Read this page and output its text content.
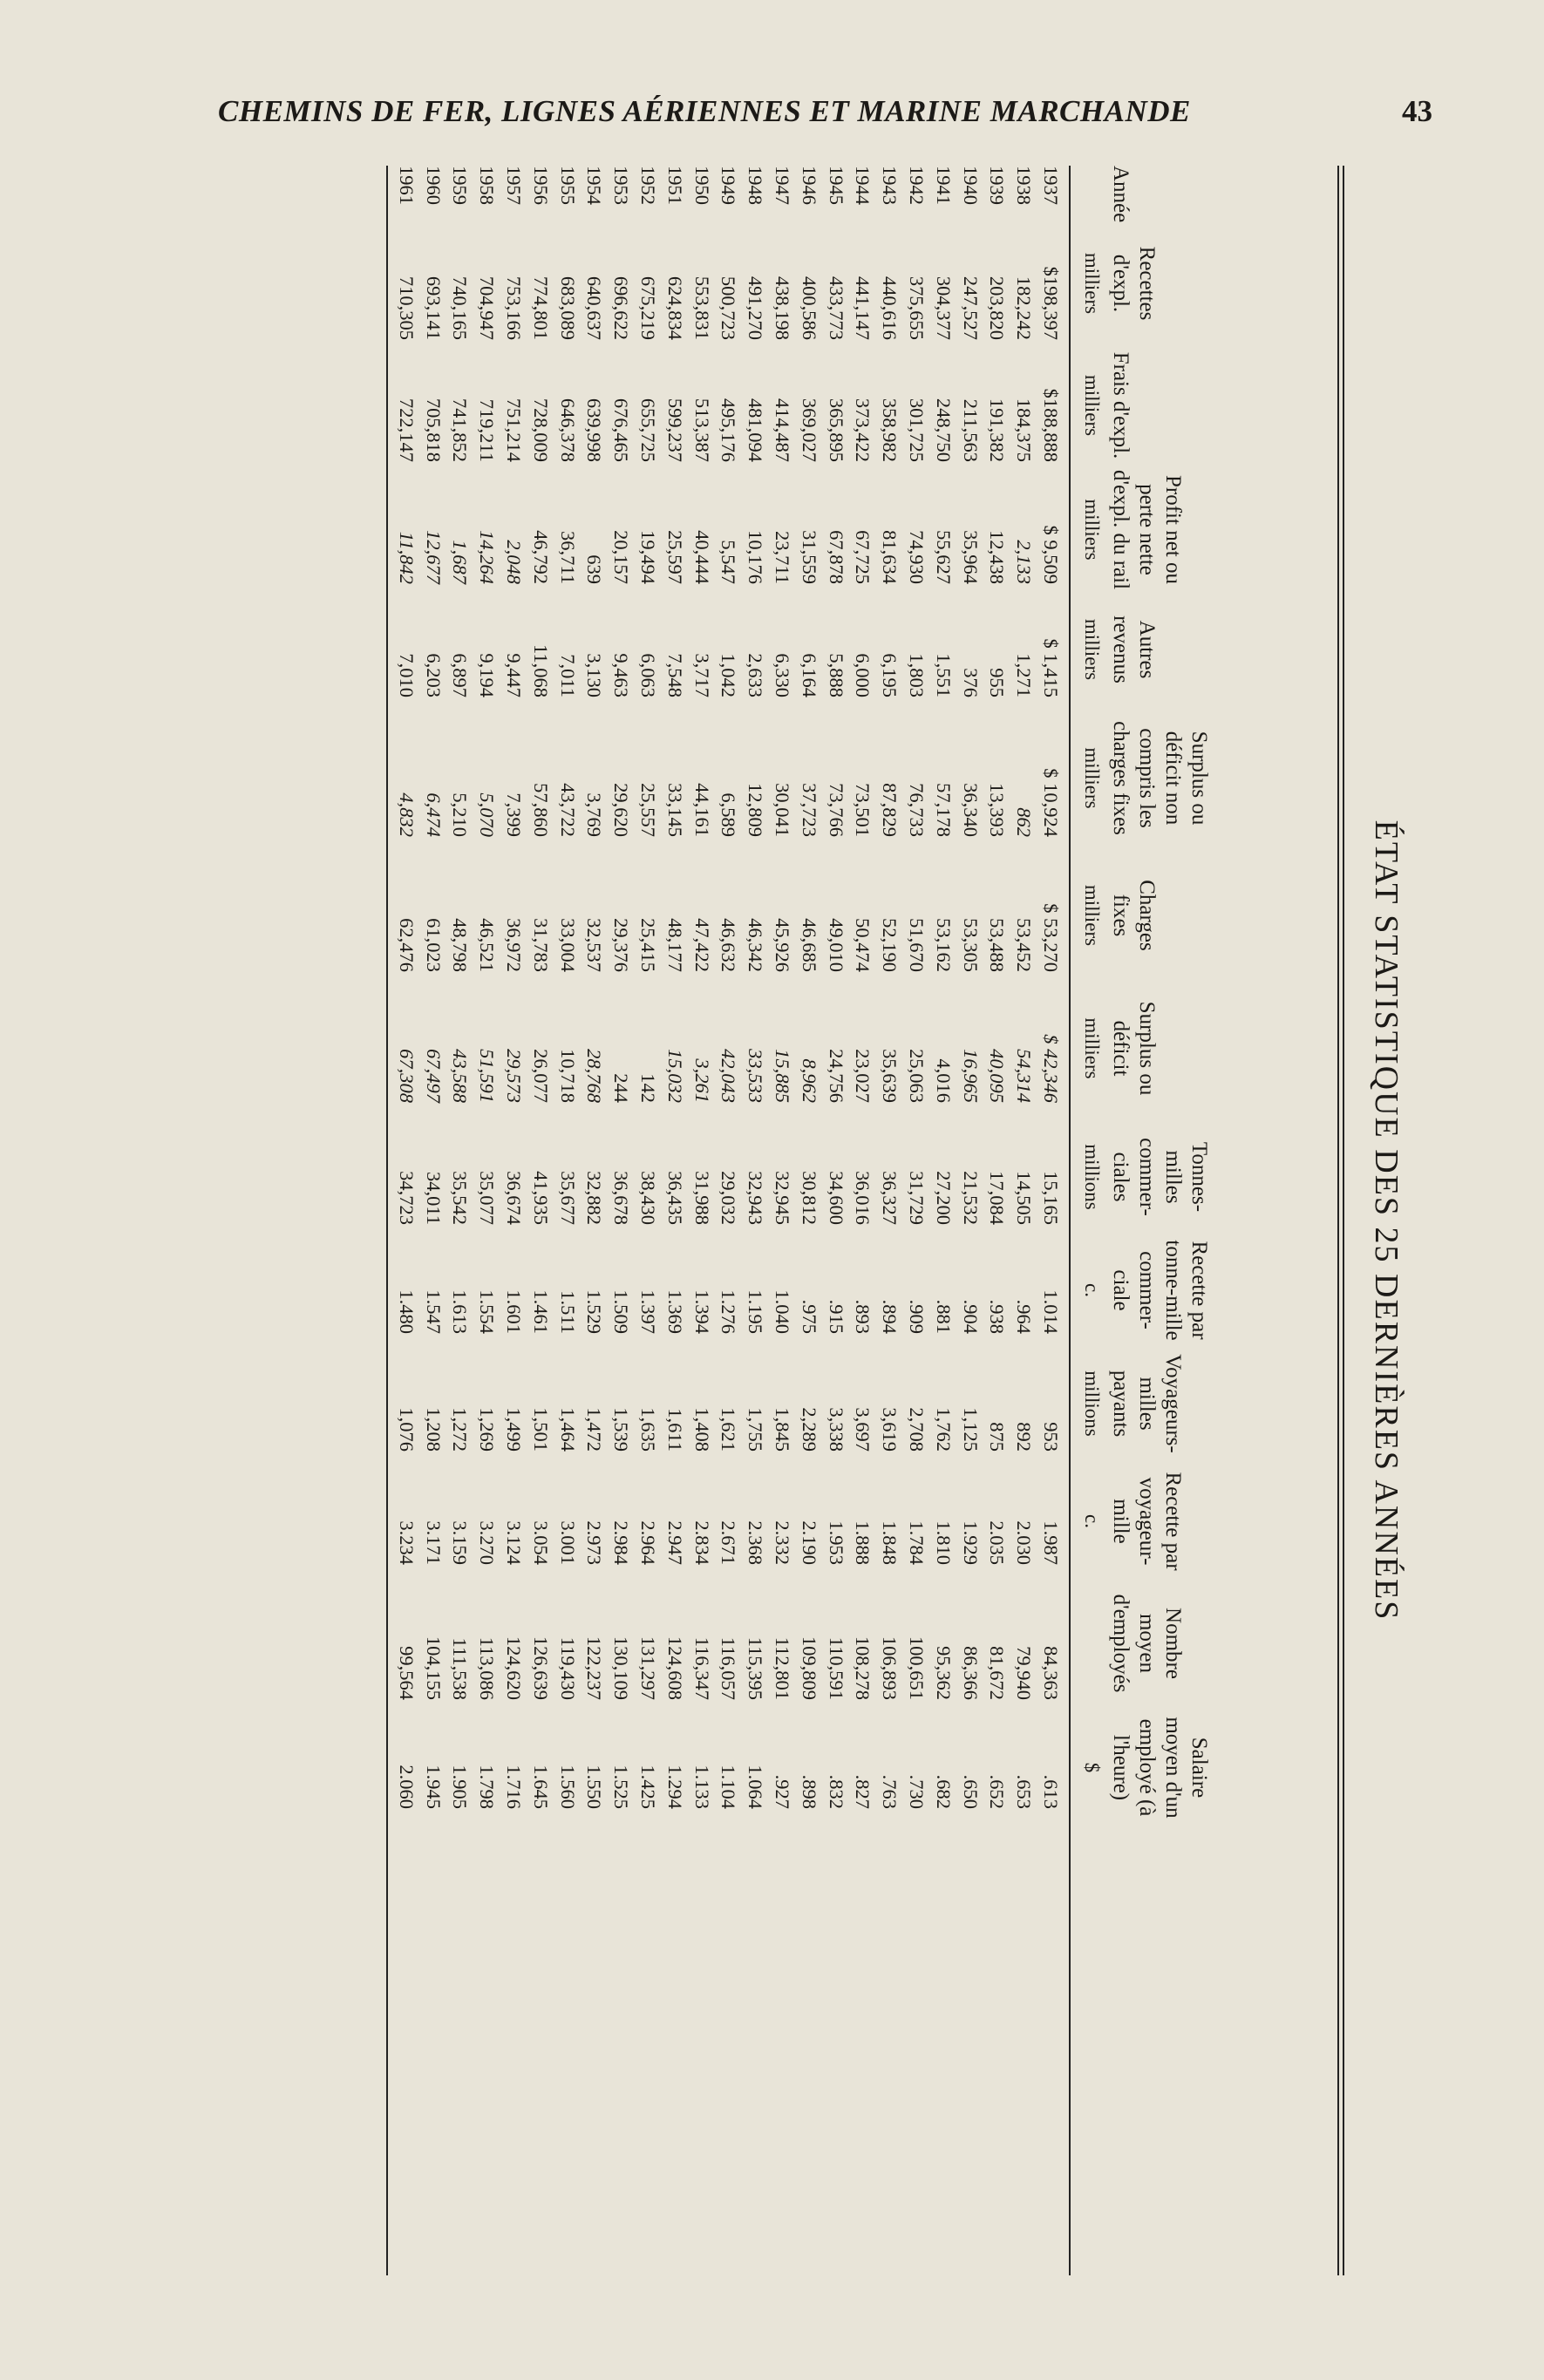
CHEMINS DE FER, LIGNES AÉRIENNES ET MARINE MARCHANDE	43
ÉTAT STATISTIQUE DES 25 DERNIÈRES ANNÉES
Année
Recettes d'expl.
milliers
Frais d'expl.
milliers
Profit net ou perte nette d'expl. du rail
milliers
Autres revenus
milliers
Surplus ou déficit non compris les charges fixes
milliers
Charges fixes
milliers
Surplus ou déficit
milliers
Tonnes-milles commer-ciales
millions
Recette par tonne-mille commer-ciale
c.
Voyageurs-milles payants
millions
Recette par voyageur-mille
c.
Nombre moyen d'employés
Salaire moyen d'un employé (à l'heure)
$
1937
1938
1939
1940
1941
1942
1943
1944
1945
1946
1947
1948
1949
1950
1951
1952
1953
1954
1955
1956
1957
1958
1959
1960
1961
$198,397
182,242
203,820
247,527
304,377
375,655
440,616
441,147
433,773
400,586
438,198
491,270
500,723
553,831
624,834
675,219
696,622
640,637
683,089
774,801
753,166
704,947
740,165
693,141
710,305
$188,888
184,375
191,382
211,563
248,750
301,725
358,982
373,422
365,895
369,027
414,487
481,094
495,176
513,387
599,237
655,725
676,465
639,998
646,378
728,009
751,214
719,211
741,852
705,818
722,147
$ 9,509
2,133
12,438
35,964
55,627
74,930
81,634
67,725
67,878
31,559
23,711
10,176
5,547
40,444
25,597
19,494
20,157
639
36,711
46,792
2,048
14,264
1,687
12,677
11,842
$ 1,415
1,271
955
376
1,551
1,803
6,195
6,000
5,888
6,164
6,330
2,633
1,042
3,717
7,548
6,063
9,463
3,130
7,011
11,068
9,447
9,194
6,897
6,203
7,010
$ 10,924
862
13,393
36,340
57,178
76,733
87,829
73,501
73,766
37,723
30,041
12,809
6,589
44,161
33,145
25,557
29,620
3,769
43,722
57,860
7,399
5,070
5,210
6,474
4,832
$ 53,270
53,452
53,488
53,305
53,162
51,670
52,190
50,474
49,010
46,685
45,926
46,342
46,632
47,422
48,177
25,415
29,376
32,537
33,004
31,783
36,972
46,521
48,798
61,023
62,476
$ 42,346
54,314
40,095
16,965
4,016
25,063
35,639
23,027
24,756
8,962
15,885
33,533
42,043
3,261
15,032
142
244
28,768
10,718
26,077
29,573
51,591
43,588
67,497
67,308
15,165
14,505
17,084
21,532
27,200
31,729
36,327
36,016
34,600
30,812
32,945
32,943
29,032
31,988
36,435
38,430
36,678
32,882
35,677
41,935
36,674
35,077
35,542
34,011
34,723
1.014
.964
.938
.904
.881
.909
.894
.893
.915
.975
1.040
1.195
1.276
1.394
1.369
1.397
1.509
1.529
1.511
1.461
1.601
1.554
1.613
1.547
1.480
953
892
875
1,125
1,762
2,708
3,619
3,697
3,338
2,289
1,845
1,755
1,621
1,408
1,611
1,635
1,539
1,472
1,464
1,501
1,499
1,269
1,272
1,208
1,076
1.987
2.030
2.035
1.929
1.810
1.784
1.848
1.888
1.953
2.190
2.332
2.368
2.671
2.834
2.947
2.964
2.984
2.973
3.001
3.054
3.124
3.270
3.159
3.171
3.234
84,363
79,940
81,672
86,366
95,362
100,651
106,893
108,278
110,591
109,809
112,801
115,395
116,057
116,347
124,608
131,297
130,109
122,237
119,430
126,639
124,620
113,086
111,538
104,155
99,564
.613
.653
.652
.650
.682
.730
.763
.827
.832
.898
.927
1.064
1.104
1.133
1.294
1.425
1.525
1.550
1.560
1.645
1.716
1.798
1.905
1.945
2.060
